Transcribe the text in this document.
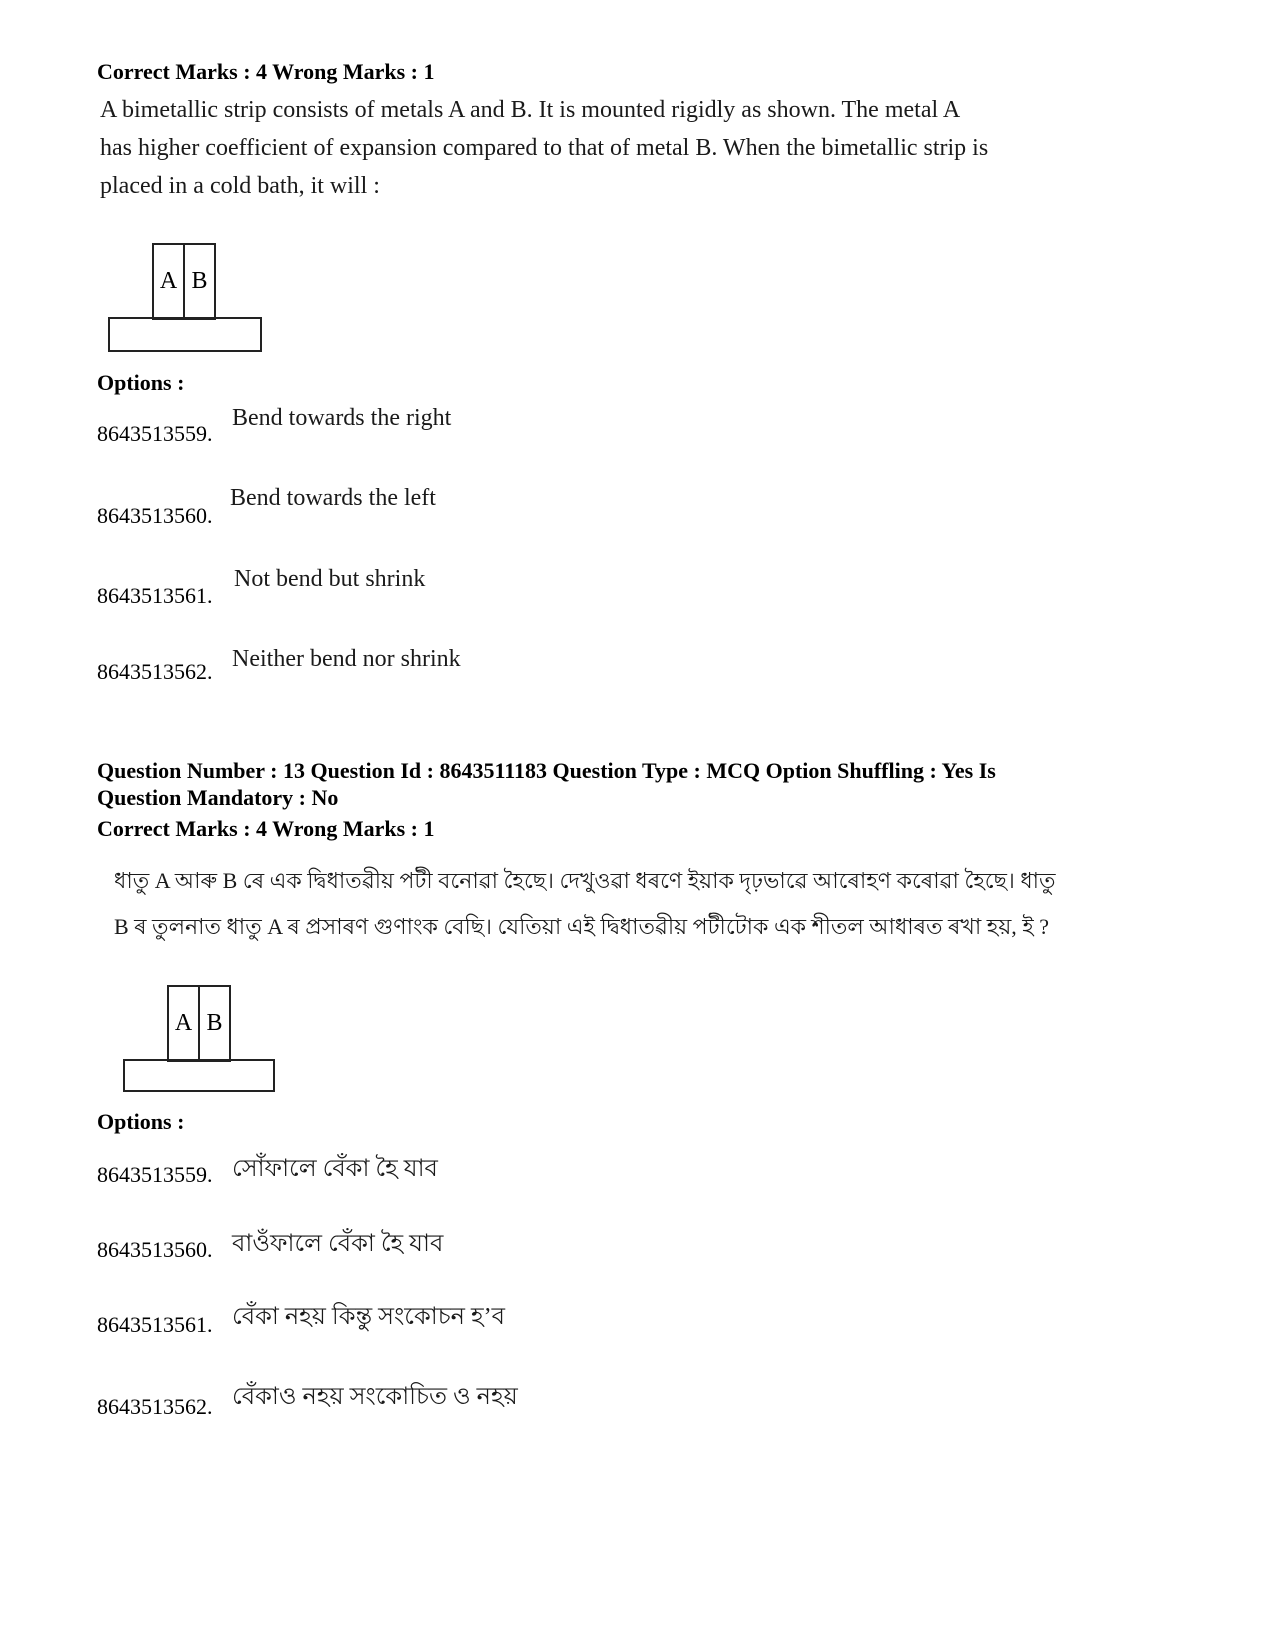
Correct Marks : 4 Wrong Marks : 1
A bimetallic strip consists of metals A and B. It is mounted rigidly as shown. The metal A
has higher coefficient of expansion compared to that of metal B. When the bimetallic strip is
placed in a cold bath, it will :
A B
Options :
8643513559.
Bend towards the right
8643513560.
Bend towards the left
8643513561.
Not bend but shrink
8643513562. Neither bend nor shrink
Question Number : 13 Question Id : 8643511183 Question Type : MCQ Option Shuffling : Yes Is
Question Mandatory : No
Correct Marks : 4 Wrong Marks : 1
ধাতু A আৰু B ৰে এক দ্বিধাতৱীয় পটী বনোৱা হৈছে। দেখুওৱা ধৰণে ইয়াক দৃঢ়ভাৱে আৰোহণ কৰোৱা হৈছে। ধাতু
B ৰ তুলনাত ধাতু A ৰ প্ৰসাৰণ গুণাংক বেছি। যেতিয়া এই দ্বিধাতৱীয় পটীটোক এক শীতল আধাৰত ৰখা হয়, ই ?
A B
Options :
8643513559. সোঁফালে বেঁকা হৈ যাব
8643513560. বাওঁফালে বেঁকা হৈ যাব
8643513561. বেঁকা নহয় কিন্তু সংকোচন হ’ব
8643513562. বেঁকাও নহয় সংকোচিত ও নহয়
